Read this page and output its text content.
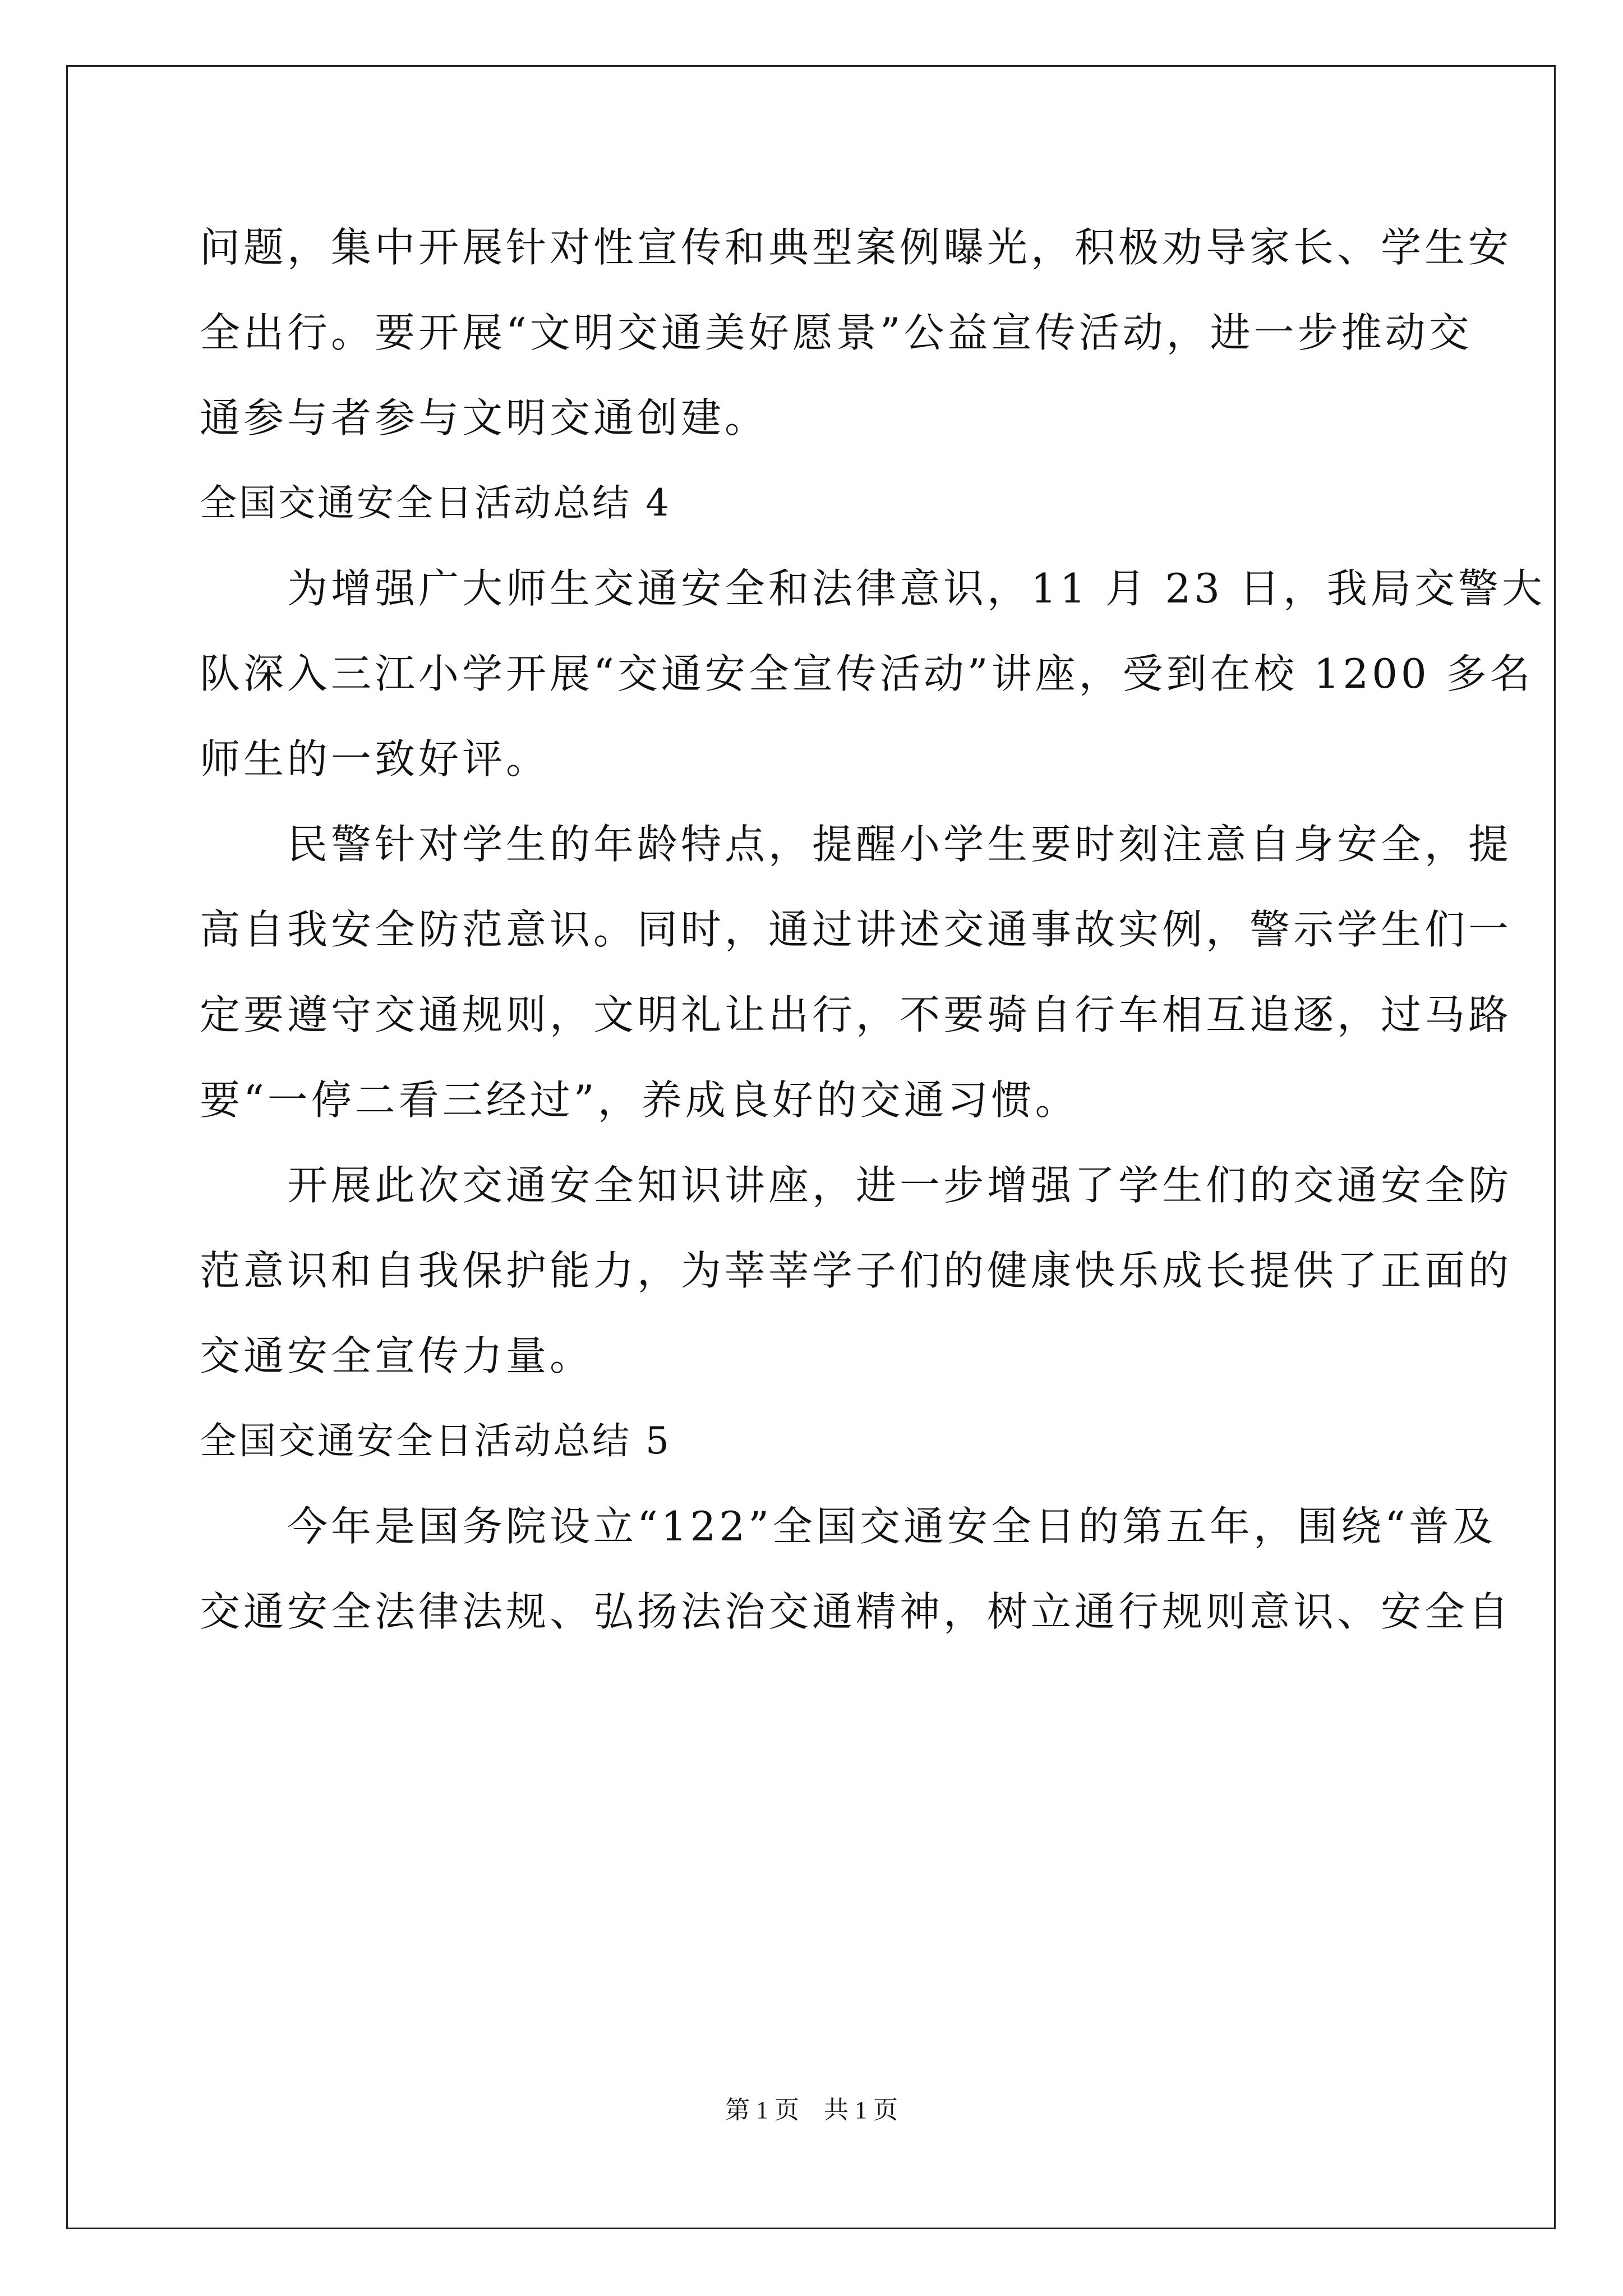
问题，集中开展针对性宣传和典型案例曝光，积极劝导家长、学生安
全出行。要开展“文明交通美好愿景”公益宣传活动，进一步推动交
通参与者参与文明交通创建。
全国交通安全日活动总结 4
　　为增强广大师生交通安全和法律意识，11 月 23 日，我局交警大
队深入三江小学开展“交通安全宣传活动”讲座，受到在校 1200 多名
师生的一致好评。
　　民警针对学生的年龄特点，提醒小学生要时刻注意自身安全，提
高自我安全防范意识。同时，通过讲述交通事故实例，警示学生们一
定要遵守交通规则，文明礼让出行，不要骑自行车相互追逐，过马路
要“一停二看三经过”，养成良好的交通习惯。
　　开展此次交通安全知识讲座，进一步增强了学生们的交通安全防
范意识和自我保护能力，为莘莘学子们的健康快乐成长提供了正面的
交通安全宣传力量。
全国交通安全日活动总结 5
　　今年是国务院设立“122”全国交通安全日的第五年，围绕“普及
交通安全法律法规、弘扬法治交通精神，树立通行规则意识、安全自
第 1 页　共 1 页
